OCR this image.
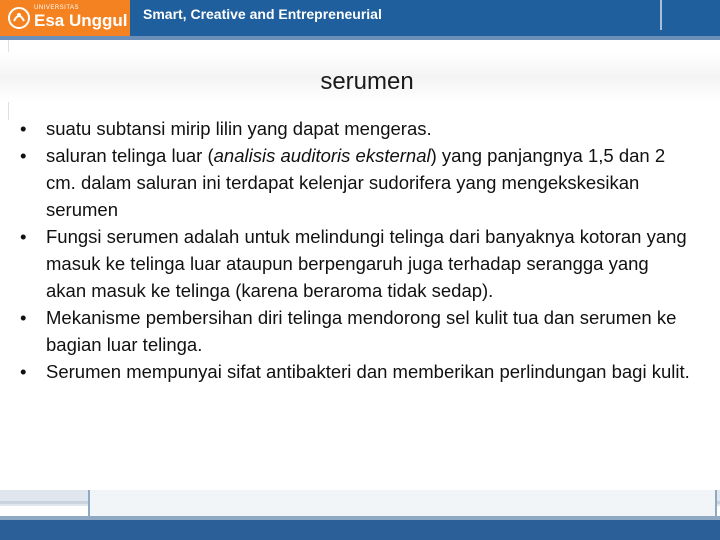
UNIVERSITAS
Esa Unggul Smart, Creative and Entrepreneurial
serumen
• suatu subtansi mirip lilin yang dapat mengeras.
• saluran telinga luar (analisis auditoris eksternal) yang panjangnya 1,5 dan 2 cm. dalam saluran ini terdapat kelenjar sudorifera yang mengekskesikan serumen
• Fungsi serumen adalah untuk melindungi telinga dari banyaknya kotoran yang masuk ke telinga luar ataupun berpengaruh juga terhadap serangga yang akan masuk ke telinga (karena beraroma tidak sedap).
• Mekanisme pembersihan diri telinga mendorong sel kulit tua dan serumen ke bagian luar telinga.
• Serumen mempunyai sifat antibakteri dan memberikan perlindungan bagi kulit.
